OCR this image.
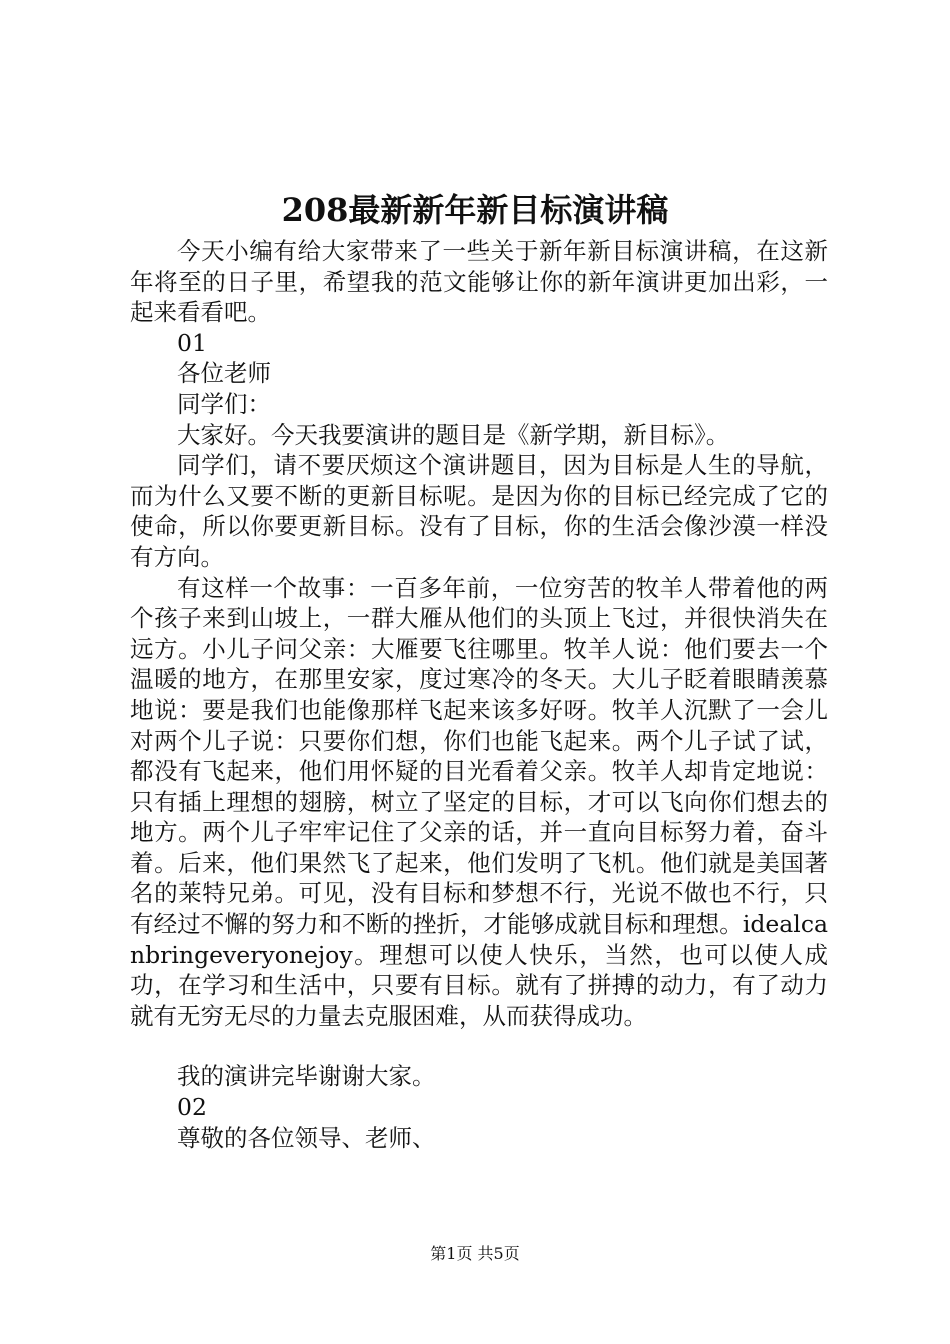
208最新新年新目标演讲稿

今天小编有给大家带来了一些关于新年新目标演讲稿，在这新年将至的日子里，希望我的范文能够让你的新年演讲更加出彩，一起来看看吧。

01

各位老师

同学们：

大家好。今天我要演讲的题目是《新学期，新目标》。

同学们，请不要厌烦这个演讲题目，因为目标是人生的导航，而为什么又要不断的更新目标呢。是因为你的目标已经完成了它的使命，所以你要更新目标。没有了目标，你的生活会像沙漠一样没有方向。

有这样一个故事：一百多年前，一位穷苦的牧羊人带着他的两个孩子来到山坡上，一群大雁从他们的头顶上飞过，并很快消失在远方。小儿子问父亲：大雁要飞往哪里。牧羊人说：他们要去一个温暖的地方，在那里安家，度过寒冷的冬天。大儿子眨着眼睛羡慕地说：要是我们也能像那样飞起来该多好呀。牧羊人沉默了一会儿对两个儿子说：只要你们想，你们也能飞起来。两个儿子试了试，都没有飞起来，他们用怀疑的目光看着父亲。牧羊人却肯定地说：只有插上理想的翅膀，树立了坚定的目标，才可以飞向你们想去的地方。两个儿子牢牢记住了父亲的话，并一直向目标努力着，奋斗着。后来，他们果然飞了起来，他们发明了飞机。他们就是美国著名的莱特兄弟。可见，没有目标和梦想不行，光说不做也不行，只有经过不懈的努力和不断的挫折，才能够成就目标和理想。idealcanbringeveryonejoy。理想可以使人快乐，当然，也可以使人成功，在学习和生活中，只要有目标。就有了拼搏的动力，有了动力就有无穷无尽的力量去克服困难，从而获得成功。

我的演讲完毕谢谢大家。

02

尊敬的各位领导、老师、

第1页 共5页
